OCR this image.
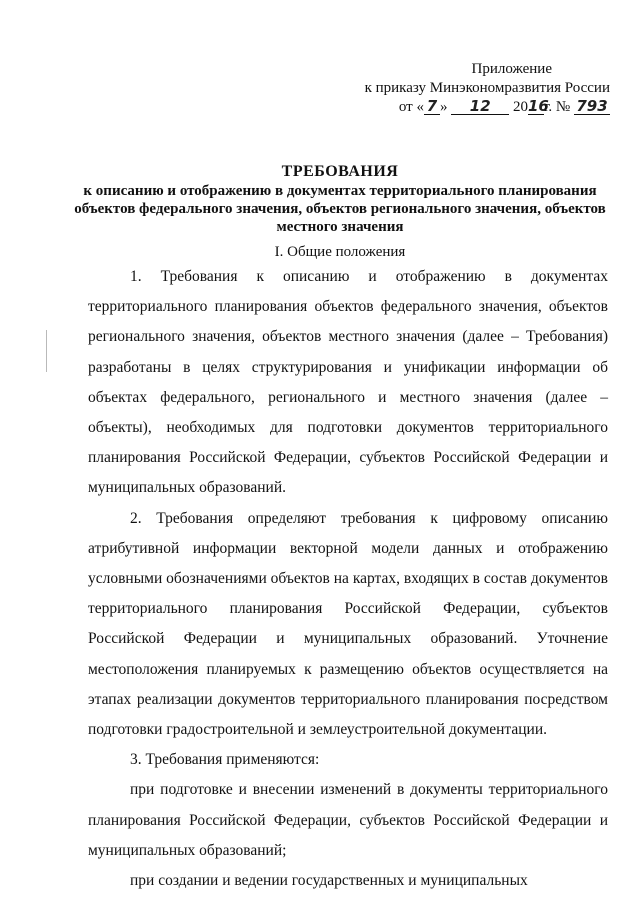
Приложение
к приказу Минэкономразвития России
от « 7 » 12 2016г. № 793
ТРЕБОВАНИЯ
к описанию и отображению в документах территориального планирования объектов федерального значения, объектов регионального значения, объектов местного значения
I. Общие положения

1. Требования к описанию и отображению в документах территориального планирования объектов федерального значения, объектов регионального значения, объектов местного значения (далее – Требования) разработаны в целях структурирования и унификации информации об объектах федерального, регионального и местного значения (далее – объекты), необходимых для подготовки документов территориального планирования Российской Федерации, субъектов Российской Федерации и муниципальных образований.

2. Требования определяют требования к цифровому описанию атрибутивной информации векторной модели данных и отображению условными обозначениями объектов на картах, входящих в состав документов территориального планирования Российской Федерации, субъектов Российской Федерации и муниципальных образований. Уточнение местоположения планируемых к размещению объектов осуществляется на этапах реализации документов территориального планирования посредством подготовки градостроительной и землеустроительной документации.

3. Требования применяются:

при подготовке и внесении изменений в документы территориального планирования Российской Федерации, субъектов Российской Федерации и муниципальных образований;

при создании и ведении государственных и муниципальных
